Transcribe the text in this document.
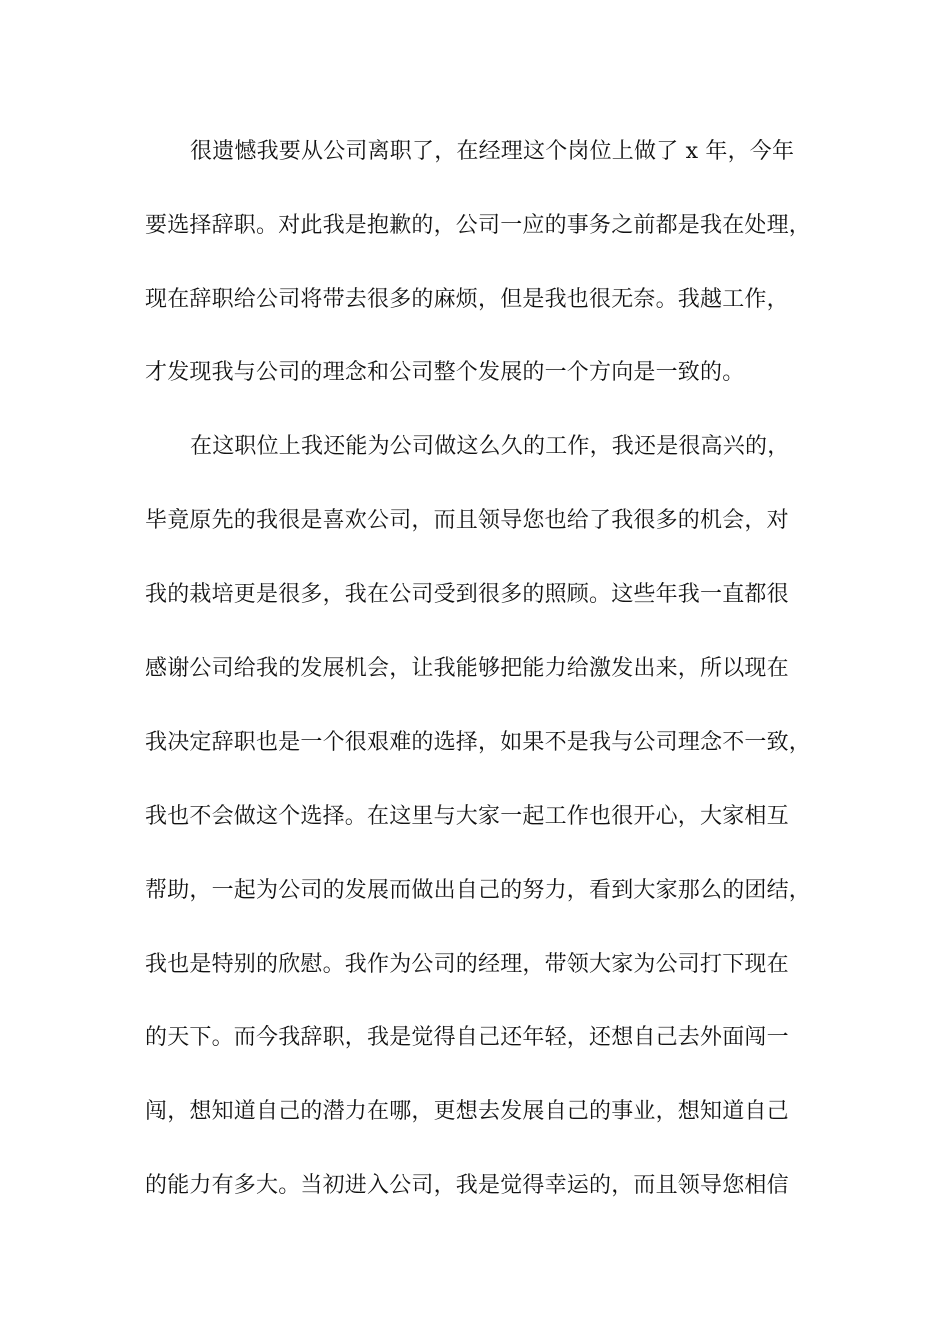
很遗憾我要从公司离职了，在经理这个岗位上做了 x 年，今年
要选择辞职。对此我是抱歉的，公司一应的事务之前都是我在处理，
现在辞职给公司将带去很多的麻烦，但是我也很无奈。我越工作，
才发现我与公司的理念和公司整个发展的一个方向是一致的。
在这职位上我还能为公司做这么久的工作，我还是很高兴的，
毕竟原先的我很是喜欢公司，而且领导您也给了我很多的机会，对
我的栽培更是很多，我在公司受到很多的照顾。这些年我一直都很
感谢公司给我的发展机会，让我能够把能力给激发出来，所以现在
我决定辞职也是一个很艰难的选择，如果不是我与公司理念不一致，
我也不会做这个选择。在这里与大家一起工作也很开心，大家相互
帮助，一起为公司的发展而做出自己的努力，看到大家那么的团结，
我也是特别的欣慰。我作为公司的经理，带领大家为公司打下现在
的天下。而今我辞职，我是觉得自己还年轻，还想自己去外面闯一
闯，想知道自己的潜力在哪，更想去发展自己的事业，想知道自己
的能力有多大。当初进入公司，我是觉得幸运的，而且领导您相信
